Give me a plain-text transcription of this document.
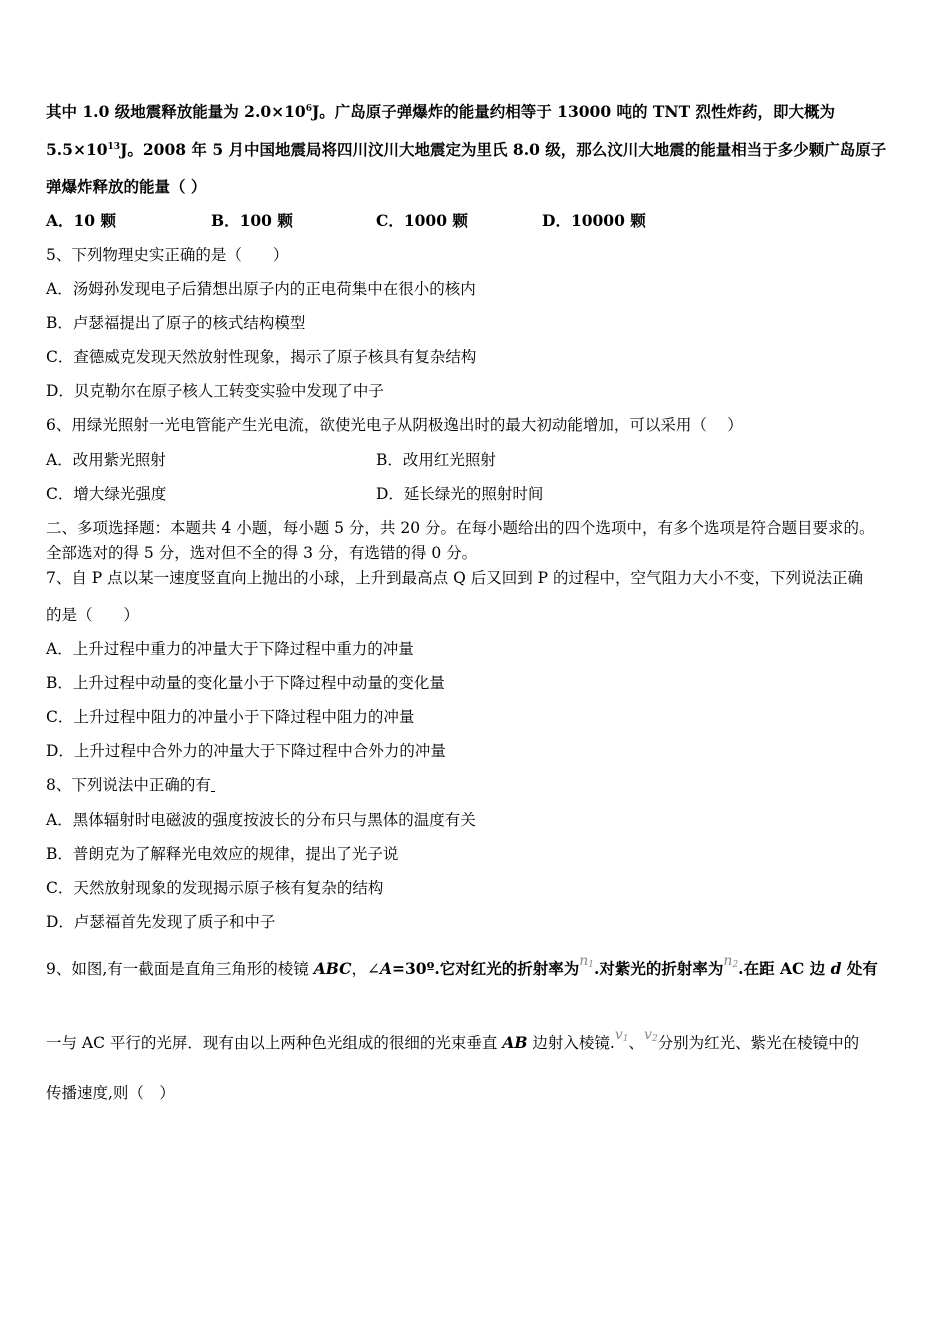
其中 1.0 级地震释放能量为 $2.0\times 10^6J$。广岛原子弹爆炸的能量约相等于 13000 吨的 TNT 烈性炸药，即大概为
$5.5\times 10^{13}J$。2008 年 5 月中国地震局将四川汶川大地震定为里氏 8.0 级，那么汶川大地震的能量相当于多少颗广岛原子
弹爆炸释放的能量（ ）
A．10 颗	B．100 颗	C．1000 颗	D．10000 颗
5、下列物理史实正确的是（　　）
A．汤姆孙发现电子后猜想出原子内的正电荷集中在很小的核内
B．卢瑟福提出了原子的核式结构模型
C．查德威克发现天然放射性现象，揭示了原子核具有复杂结构
D．贝克勒尔在原子核人工转变实验中发现了中子
6、用绿光照射一光电管能产生光电流，欲使光电子从阴极逸出时的最大初动能增加，可以采用（　 ）
A．改用紫光照射	B．改用红光照射
C．增大绿光强度	D．延长绿光的照射时间
二、多项选择题：本题共 4 小题，每小题 5 分，共 20 分。在每小题给出的四个选项中，有多个选项是符合题目要求的。
全部选对的得 5 分，选对但不全的得 3 分，有选错的得 0 分。
7、自 P 点以某一速度竖直向上抛出的小球，上升到最高点 Q 后又回到 P 的过程中，空气阻力大小不变，下列说法正确
的是（　　）
A．上升过程中重力的冲量大于下降过程中重力的冲量
B．上升过程中动量的变化量小于下降过程中动量的变化量
C．上升过程中阻力的冲量小于下降过程中阻力的冲量
D．上升过程中合外力的冲量大于下降过程中合外力的冲量
8、下列说法中正确的有
A．黑体辐射时电磁波的强度按波长的分布只与黑体的温度有关
B．普朗克为了解释光电效应的规律，提出了光子说
C．天然放射现象的发现揭示原子核有复杂的结构
D．卢瑟福首先发现了质子和中子
9、如图,有一截面是直角三角形的棱镜 ABC，∠A=30º.它对红光的折射率为$n_1$.对紫光的折射率为$n_2$.在距 AC 边 d 处有
一与 AC 平行的光屏．现有由以上两种色光组成的很细的光束垂直 AB 边射入棱镜$.v_1$、$v_2$分别为红光、紫光在棱镜中的
传播速度,则（　）
